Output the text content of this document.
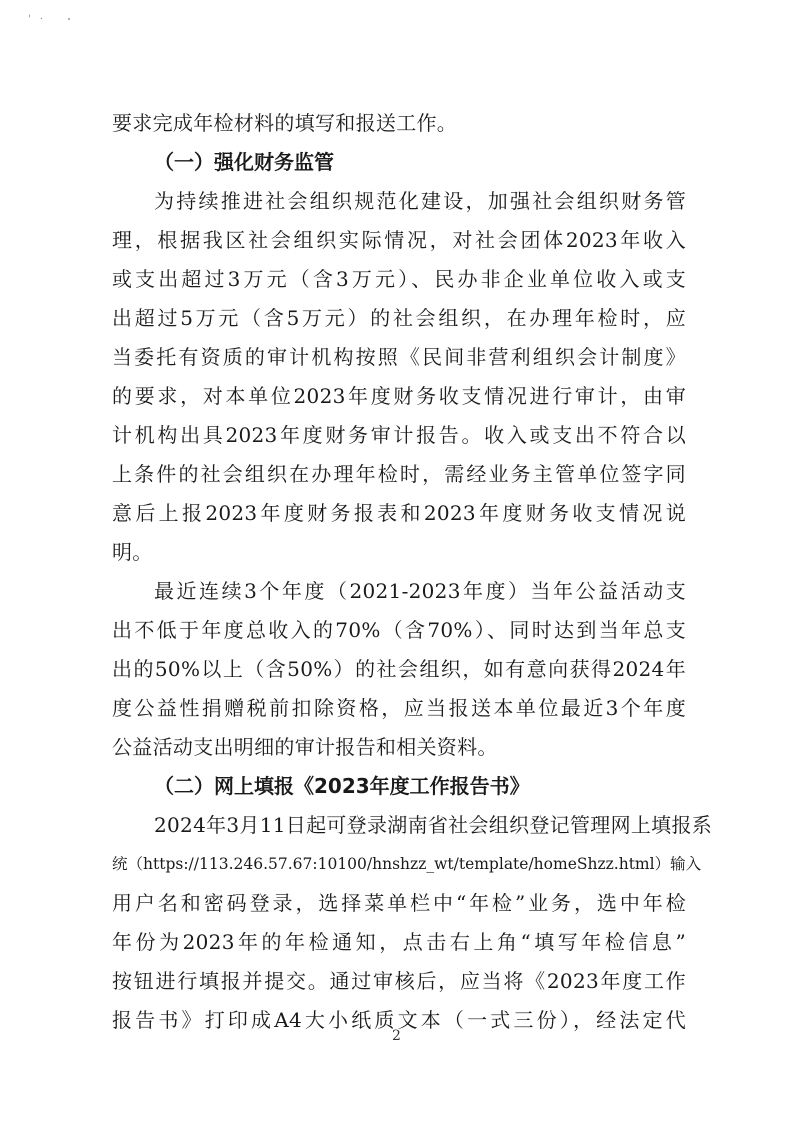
' ·
要求完成年检材料的填写和报送工作。
（一）强化财务监管
为持续推进社会组织规范化建设，加强社会组织财务管
理，根据我区社会组织实际情况，对社会团体2023年收入
或支出超过3万元（含3万元）、民办非企业单位收入或支
出超过5万元（含5万元）的社会组织，在办理年检时，应
当委托有资质的审计机构按照《民间非营利组织会计制度》
的要求，对本单位2023年度财务收支情况进行审计，由审
计机构出具2023年度财务审计报告。收入或支出不符合以
上条件的社会组织在办理年检时，需经业务主管单位签字同
意后上报2023年度财务报表和2023年度财务收支情况说
明。
最近连续3个年度（2021-2023年度）当年公益活动支
出不低于年度总收入的70%（含70%）、同时达到当年总支
出的50%以上（含50%）的社会组织，如有意向获得2024年
度公益性捐赠税前扣除资格，应当报送本单位最近3个年度
公益活动支出明细的审计报告和相关资料。
（二）网上填报《2023年度工作报告书》
2024年3月11日起可登录湖南省社会组织登记管理网上填报系
统（https://113.246.57.67:10100/hnshzz_wt/template/homeShzz.html）输入
用户名和密码登录，选择菜单栏中“年检”业务，选中年检
年份为2023年的年检通知，点击右上角“填写年检信息”
按钮进行填报并提交。通过审核后，应当将《2023年度工作
报告书》打印成A4大小纸质文本（一式三份），经法定代
2
